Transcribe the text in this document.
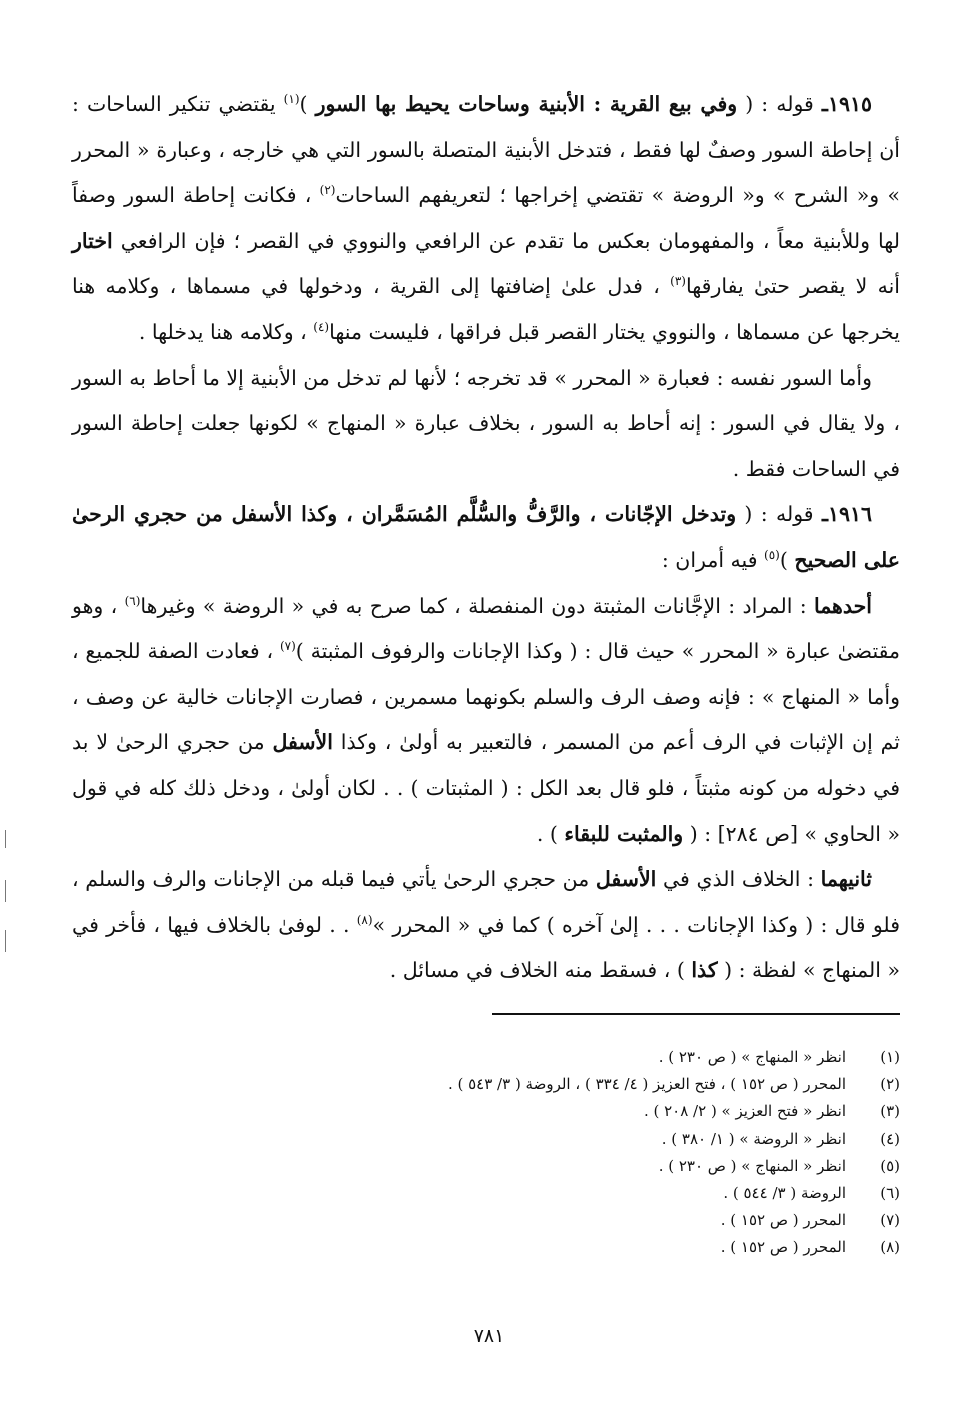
١٩١٥ـ قوله : ( وفي بيع القرية : الأبنية وساحات يحيط بها السور )$^{(١)}$ يقتضي تنكير الساحات : أن إحاطة السور وصفٌ لها فقط ، فتدخل الأبنية المتصلة بالسور التي هي خارجه ، وعبارة « المحرر » و« الشرح » و« الروضة » تقتضي إخراجها ؛ لتعريفهم الساحات$^{(٢)}$ ، فكانت إحاطة السور وصفاً لها وللأبنية معاً ، والمفهومان بعكس ما تقدم عن الرافعي والنووي في القصر ؛ فإن الرافعي اختار أنه لا يقصر حتىٰ يفارقها$^{(٣)}$ ، فدل علىٰ إضافتها إلى القرية ، ودخولها في مسماها ، وكلامه هنا يخرجها عن مسماها ، والنووي يختار القصر قبل فراقها ، فليست منها$^{(٤)}$ ، وكلامه هنا يدخلها .

وأما السور نفسه : فعبارة « المحرر » قد تخرجه ؛ لأنها لم تدخل من الأبنية إلا ما أحاط به السور ، ولا يقال في السور : إنه أحاط به السور ، بخلاف عبارة « المنهاج » لكونها جعلت إحاطة السور في الساحات فقط .

١٩١٦ـ قوله : ( وتدخل الإجّانات ، والرَّفُّ والسُّلَّم المُسَمَّران ، وكذا الأسفل من حجري الرحىٰ على الصحيح )$^{(٥)}$ فيه أمران :

أحدهما : المراد : الإجَّانات المثبتة دون المنفصلة ، كما صرح به في « الروضة » وغيرها$^{(٦)}$ ، وهو مقتضىٰ عبارة « المحرر » حيث قال : ( وكذا الإجانات والرفوف المثبتة )$^{(٧)}$ ، فعادت الصفة للجميع ، وأما « المنهاج » : فإنه وصف الرف والسلم بكونهما مسمرين ، فصارت الإجانات خالية عن وصف ، ثم إن الإثبات في الرف أعم من المسمر ، فالتعبير به أولىٰ ، وكذا الأسفل من حجري الرحىٰ لا بد في دخوله من كونه مثبتاً ، فلو قال بعد الكل : ( المثبتات ) . . لكان أولىٰ ، ودخل ذلك كله في قول « الحاوي » [ص ٢٨٤] : ( والمثبت للبقاء ) .

ثانيهما : الخلاف الذي في الأسفل من حجري الرحىٰ يأتي فيما قبله من الإجانات والرف والسلم ، فلو قال : ( وكذا الإجانات . . . إلىٰ آخره ) كما في « المحرر »$^{(٨)}$ . . لوفىٰ بالخلاف فيها ، فأخر في « المنهاج » لفظة : ( كذا ) ، فسقط منه الخلاف في مسائل .

(١)
انظر « المنهاج » ( ص ٢٣٠ ) .
(٢)
المحرر ( ص ١٥٢ ) ، فتح العزيز ( ٤/ ٣٣٤ ) ، الروضة ( ٣/ ٥٤٣ ) .
(٣)
انظر « فتح العزيز » ( ٢/ ٢٠٨ ) .
(٤)
انظر « الروضة » ( ١/ ٣٨٠ ) .
(٥)
انظر « المنهاج » ( ص ٢٣٠ ) .
(٦)
الروضة ( ٣/ ٥٤٤ ) .
(٧)
المحرر ( ص ١٥٢ ) .
(٨)
المحرر ( ص ١٥٢ ) .
٧٨١
